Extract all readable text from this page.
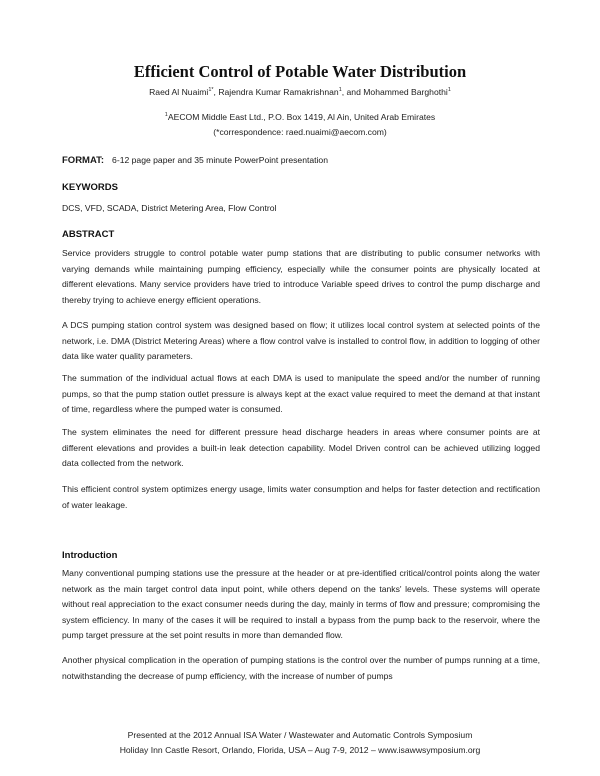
Efficient Control of Potable Water Distribution
Raed Al Nuaimi$^{1*}$, Rajendra Kumar Ramakrishnan$^1$, and Mohammed Barghothi$^1$
$^1$AECOM Middle East Ltd., P.O. Box 1419, Al Ain, United Arab Emirates
(*correspondence: raed.nuaimi@aecom.com)
FORMAT: 6-12 page paper and 35 minute PowerPoint presentation
KEYWORDS
DCS, VFD, SCADA, District Metering Area, Flow Control
ABSTRACT

Service providers struggle to control potable water pump stations that are distributing to public consumer networks with varying demands while maintaining pumping efficiency, especially while the consumer points are physically located at different elevations. Many service providers have tried to introduce Variable speed drives to control the pump discharge and thereby trying to achieve energy efficient operations.

A DCS pumping station control system was designed based on flow; it utilizes local control system at selected points of the network, i.e. DMA (District Metering Areas) where a flow control valve is installed to control flow, in addition to logging of other data like water quality parameters.

The summation of the individual actual flows at each DMA is used to manipulate the speed and/or the number of running pumps, so that the pump station outlet pressure is always kept at the exact value required to meet the demand at that instant of time, regardless where the pumped water is consumed.

The system eliminates the need for different pressure head discharge headers in areas where consumer points are at different elevations and provides a built-in leak detection capability. Model Driven control can be achieved utilizing logged data collected from the network.

This efficient control system optimizes energy usage, limits water consumption and helps for faster detection and rectification of water leakage.

Introduction

Many conventional pumping stations use the pressure at the header or at pre-identified critical/control points along the water network as the main target control data input point, while others depend on the tanks' levels. These systems will operate without real appreciation to the exact consumer needs during the day, mainly in terms of flow and pressure; compromising the system efficiency. In many of the cases it will be required to install a bypass from the pump back to the reservoir, where the pump target pressure at the set point results in more than demanded flow.

Another physical complication in the operation of pumping stations is the control over the number of pumps running at a time, notwithstanding the decrease of pump efficiency, with the increase of number of pumps

Presented at the 2012 Annual ISA Water / Wastewater and Automatic Controls Symposium
Holiday Inn Castle Resort, Orlando, Florida, USA – Aug 7-9, 2012 – www.isawwsymposium.org
